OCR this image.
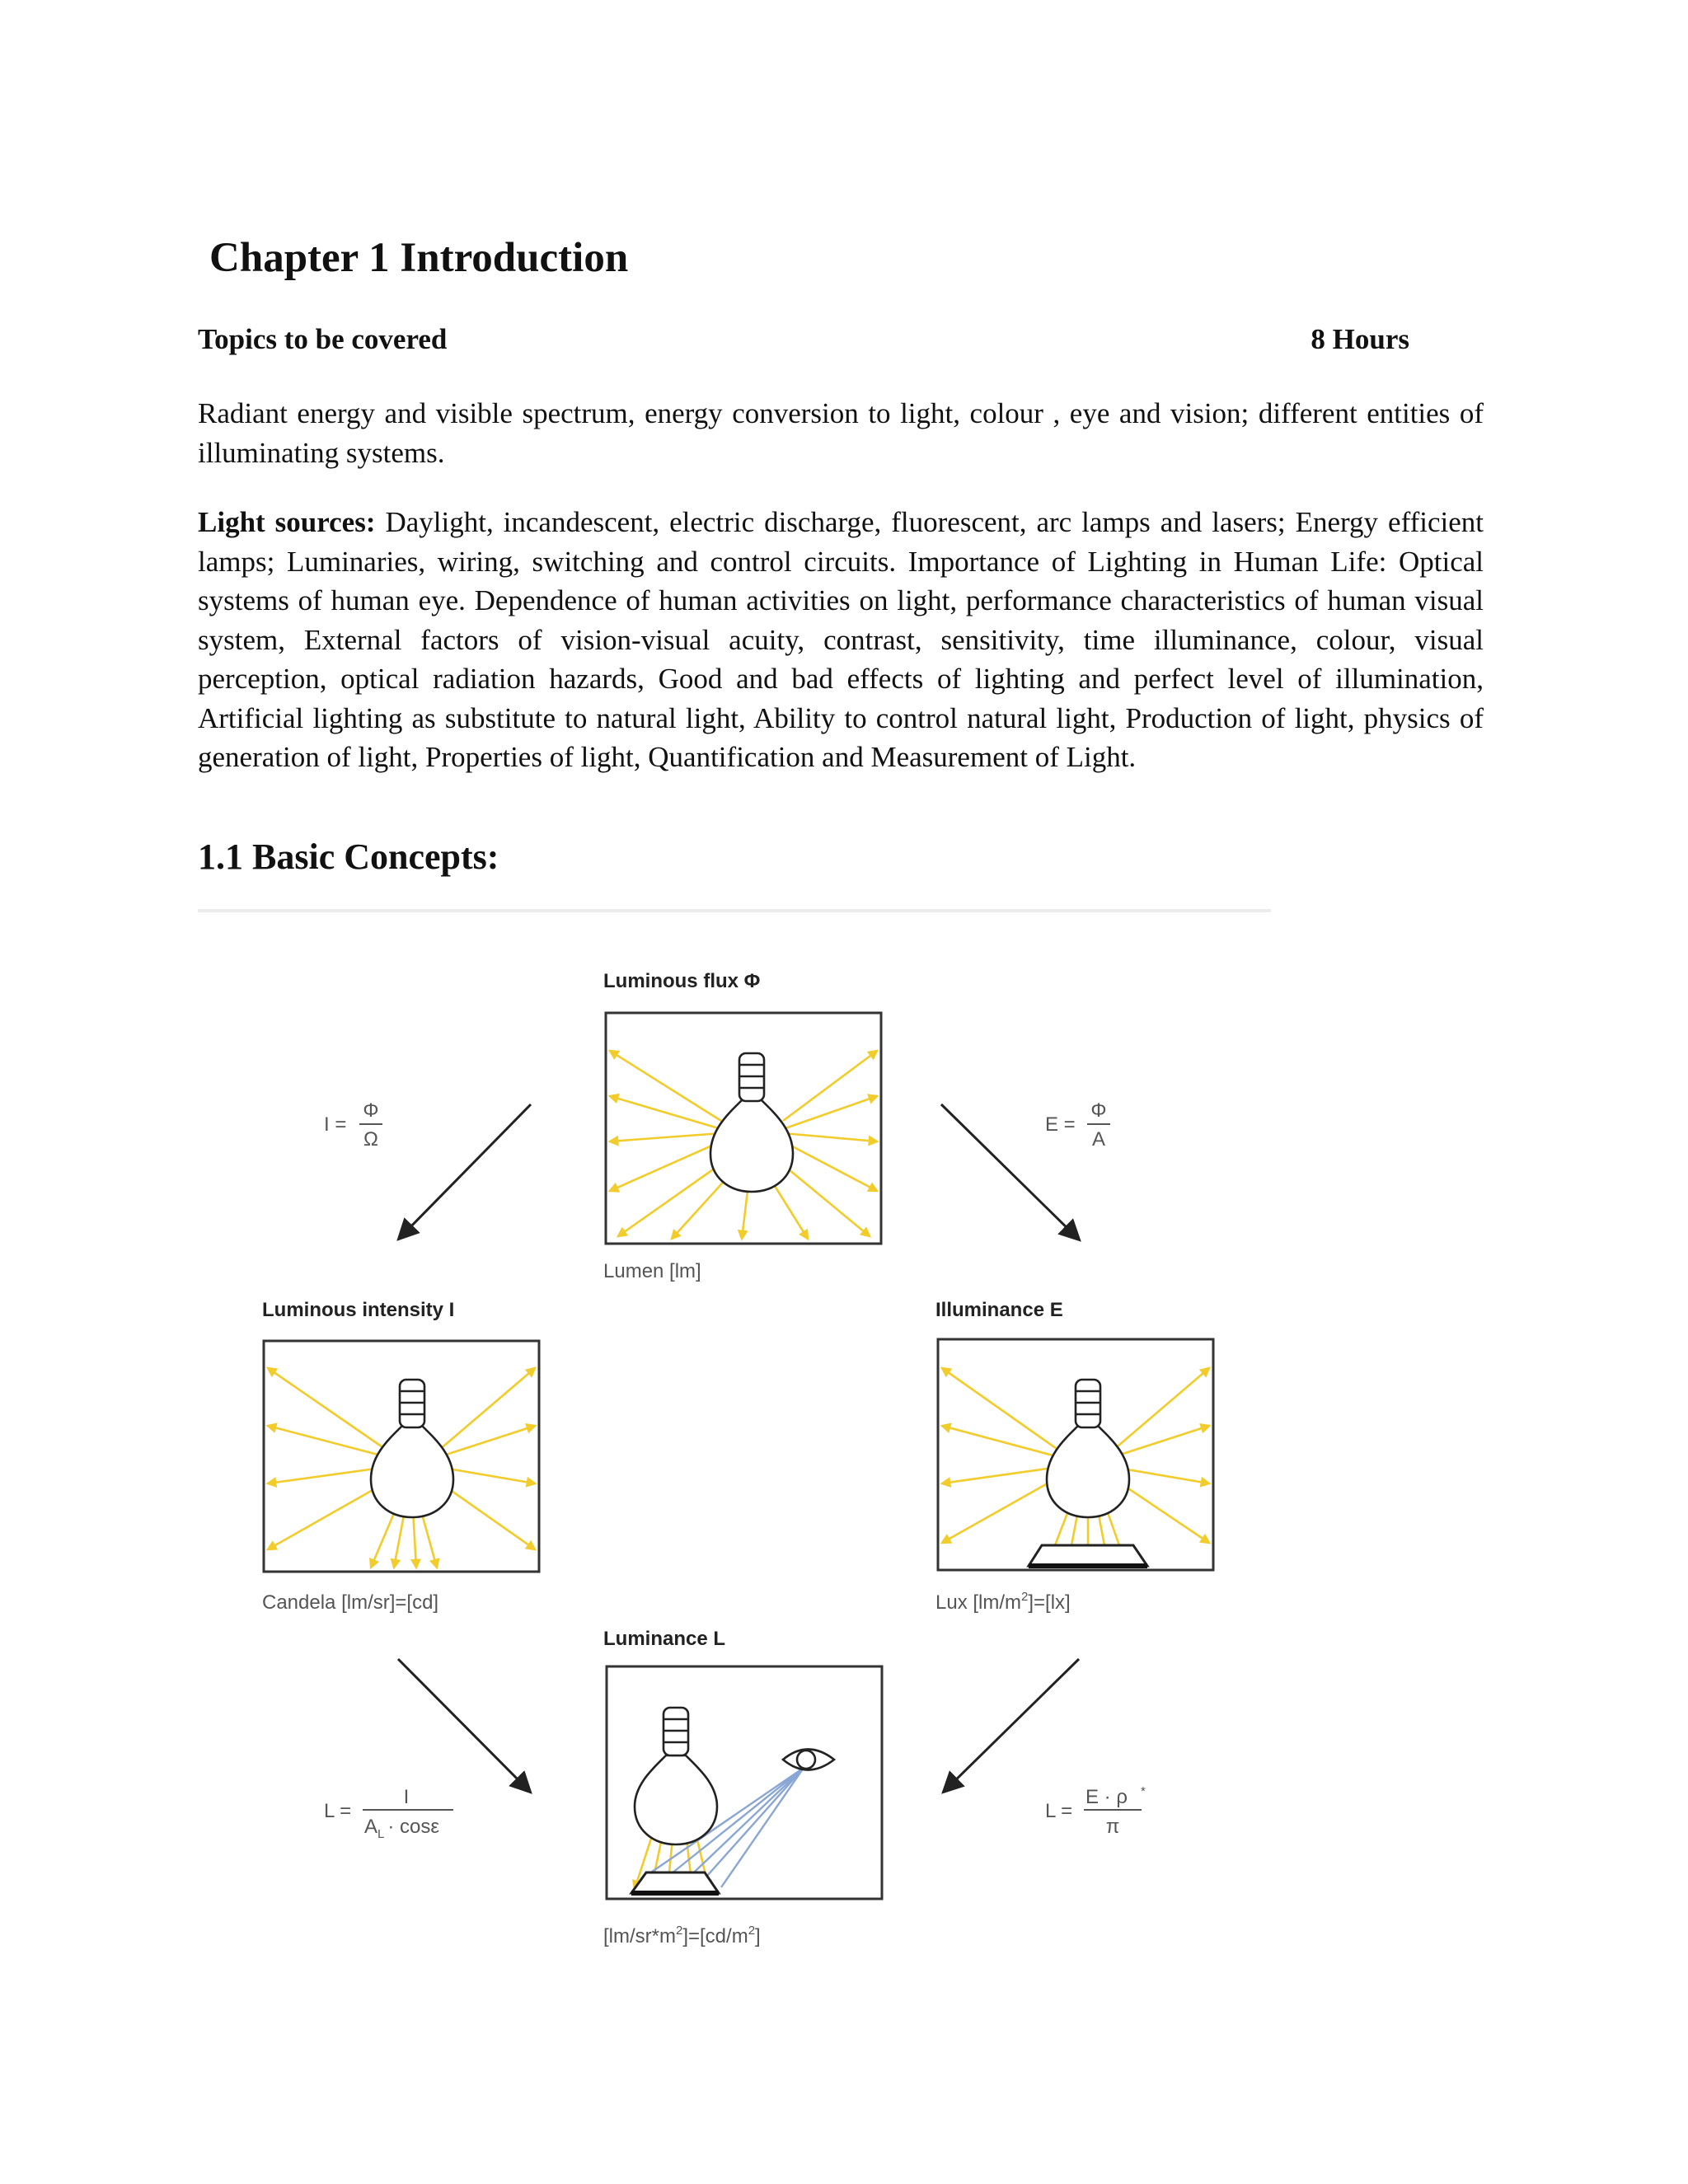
Chapter 1 Introduction
Topics to be covered	8 Hours

Radiant energy and visible spectrum, energy conversion to light, colour , eye and vision; different entities of illuminating systems.

Light sources: Daylight, incandescent, electric discharge, fluorescent, arc lamps and lasers; Energy efficient lamps; Luminaries, wiring, switching and control circuits. Importance of Lighting in Human Life: Optical systems of human eye. Dependence of human activities on light, performance characteristics of human visual system, External factors of vision-visual acuity, contrast, sensitivity, time illuminance, colour, visual perception, optical radiation hazards, Good and bad effects of lighting and perfect level of illumination, Artificial lighting as substitute to natural light, Ability to control natural light, Production of light, physics of generation of light, Properties of light, Quantification and Measurement of Light.

1.1 Basic Concepts:
Luminous flux Φ
Lumen [lm]
I =
Φ
Ω
E =
Φ
A
Luminous intensity I
Candela [lm/sr]=[cd]
Illuminance E
Lux $[lm/m^2]=[lx]$
Luminance L
$[lm/sr*m^2]=[cd/m^2]$
L =
I
$A_L \cdot \cos\varepsilon$
L =
E · ρ *
π
